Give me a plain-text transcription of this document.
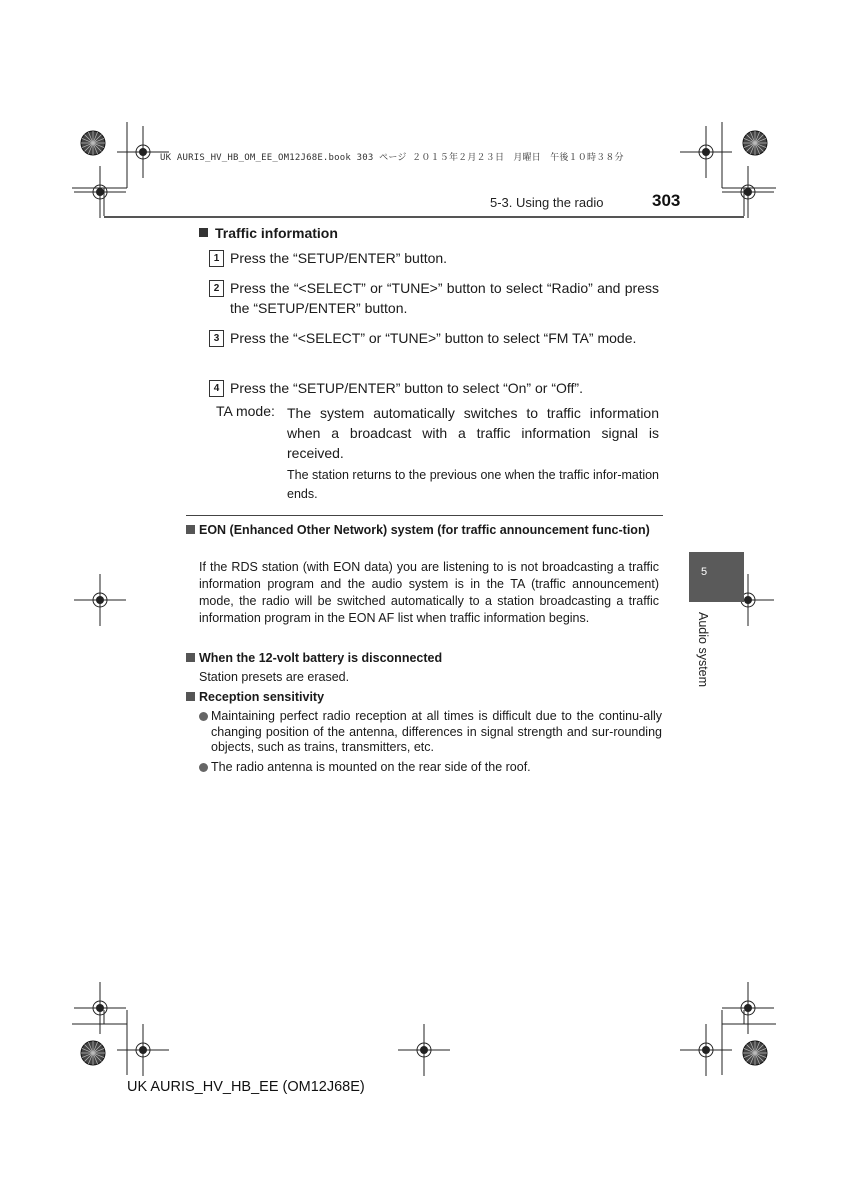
UK AURIS_HV_HB_OM_EE_OM12J68E.book 303 ページ ２０１５年２月２３日　月曜日　午後１０時３８分
5-3. Using the radio	303
Traffic information
1 Press the “SETUP/ENTER” button.
2 Press the “<SELECT” or “TUNE>” button to select “Radio” and press the “SETUP/ENTER” button.
3 Press the “<SELECT” or “TUNE>” button to select “FM TA” mode.
4 Press the “SETUP/ENTER” button to select “On” or “Off”.
TA mode: The system automatically switches to traffic information when a broadcast with a traffic information signal is received.
The station returns to the previous one when the traffic infor-mation ends.
EON (Enhanced Other Network) system (for traffic announcement func-tion)
If the RDS station (with EON data) you are listening to is not broadcasting a traffic information program and the audio system is in the TA (traffic announcement) mode, the radio will be switched automatically to a station broadcasting a traffic information program in the EON AF list when traffic information begins.
When the 12-volt battery is disconnected
Station presets are erased.
Reception sensitivity
Maintaining perfect radio reception at all times is difficult due to the continu-ally changing position of the antenna, differences in signal strength and sur-rounding objects, such as trains, transmitters, etc.
The radio antenna is mounted on the rear side of the roof.
5
Audio system
UK AURIS_HV_HB_EE (OM12J68E)
